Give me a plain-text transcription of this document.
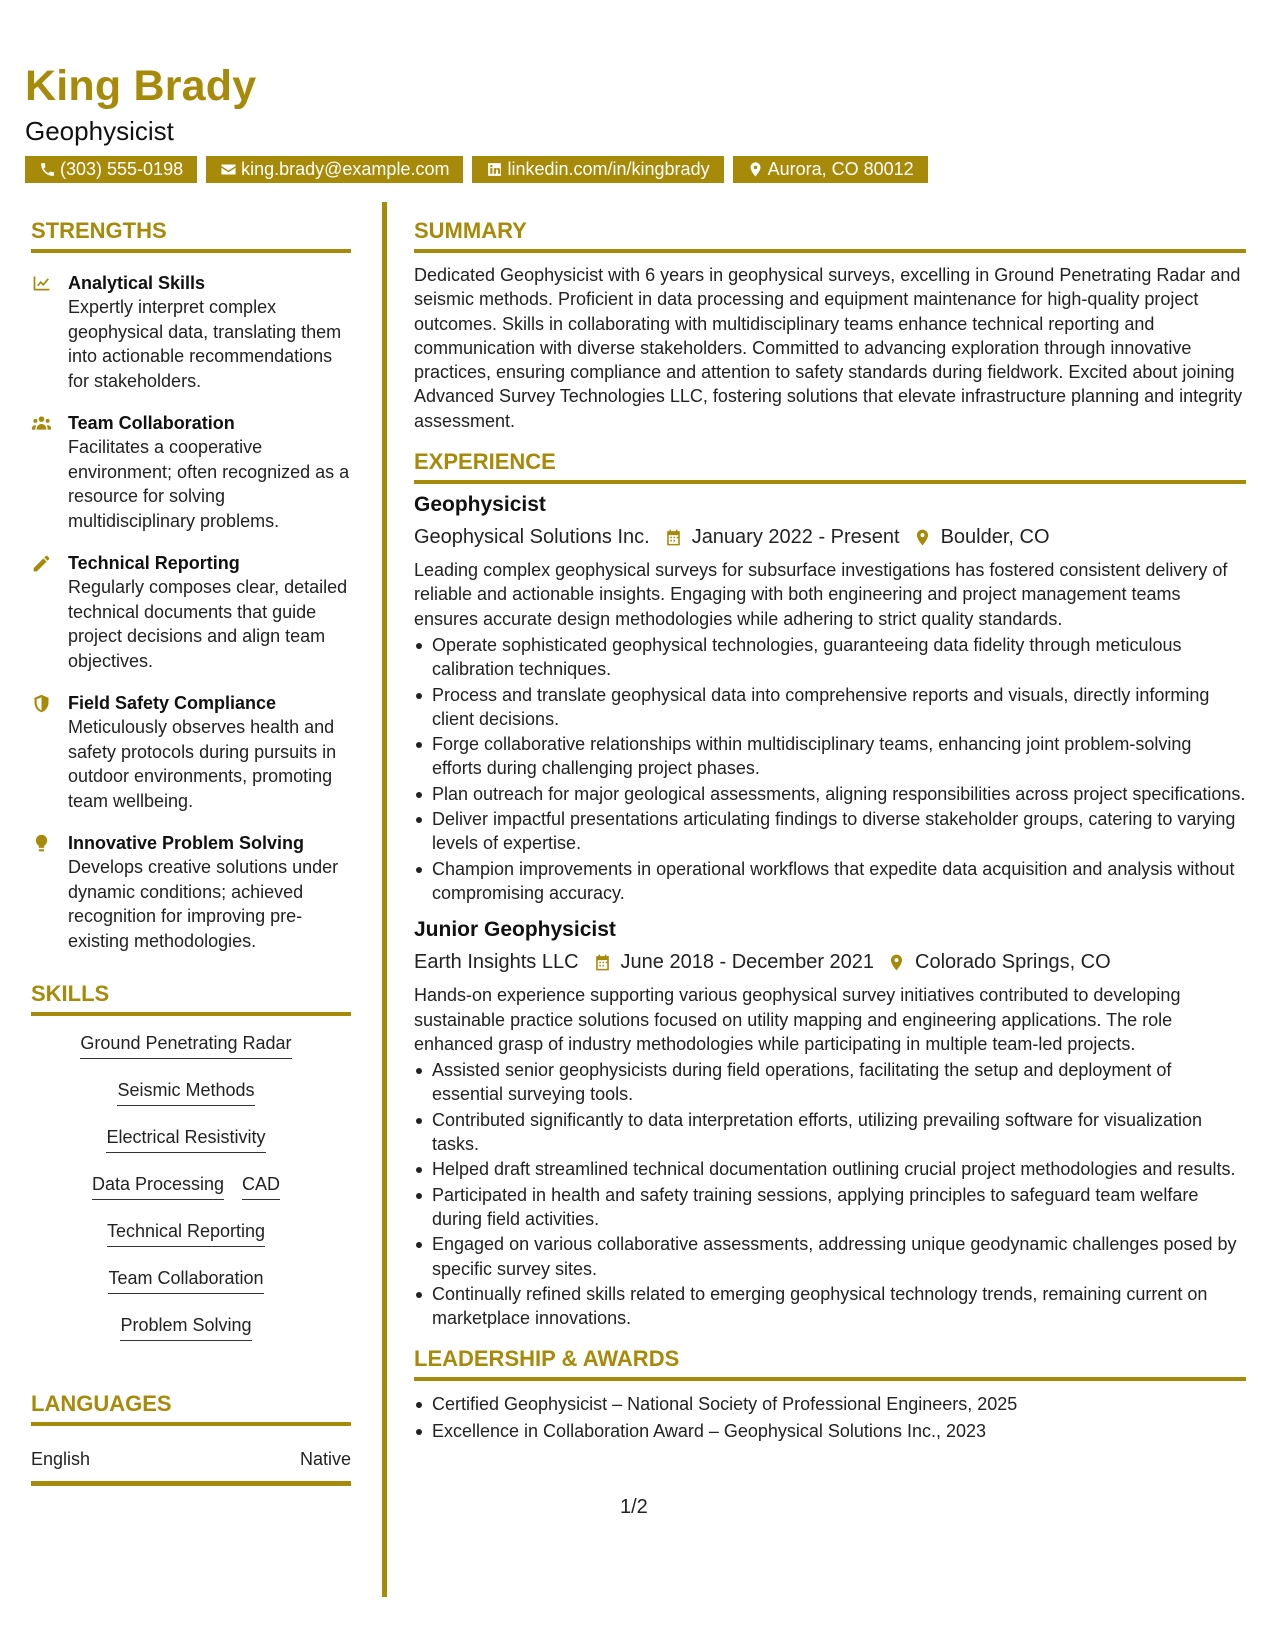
King Brady
Geophysicist
(303) 555-0198	king.brady@example.com	linkedin.com/in/kingbrady	Aurora, CO 80012
STRENGTHS
Analytical Skills
Expertly interpret complex geophysical data, translating them into actionable recommendations for stakeholders.
Team Collaboration
Facilitates a cooperative environment; often recognized as a resource for solving multidisciplinary problems.
Technical Reporting
Regularly composes clear, detailed technical documents that guide project decisions and align team objectives.
Field Safety Compliance
Meticulously observes health and safety protocols during pursuits in outdoor environments, promoting team wellbeing.
Innovative Problem Solving
Develops creative solutions under dynamic conditions; achieved recognition for improving pre-existing methodologies.
SKILLS
Ground Penetrating Radar
Seismic Methods
Electrical Resistivity
Data Processing CAD
Technical Reporting
Team Collaboration
Problem Solving
LANGUAGES
English	Native
SUMMARY
Dedicated Geophysicist with 6 years in geophysical surveys, excelling in Ground Penetrating Radar and seismic methods. Proficient in data processing and equipment maintenance for high-quality project outcomes. Skills in collaborating with multidisciplinary teams enhance technical reporting and communication with diverse stakeholders. Committed to advancing exploration through innovative practices, ensuring compliance and attention to safety standards during fieldwork. Excited about joining Advanced Survey Technologies LLC, fostering solutions that elevate infrastructure planning and integrity assessment.
EXPERIENCE
Geophysicist
Geophysical Solutions Inc. January 2022 - Present Boulder, CO
Leading complex geophysical surveys for subsurface investigations has fostered consistent delivery of reliable and actionable insights. Engaging with both engineering and project management teams ensures accurate design methodologies while adhering to strict quality standards.
Operate sophisticated geophysical technologies, guaranteeing data fidelity through meticulous calibration techniques.
Process and translate geophysical data into comprehensive reports and visuals, directly informing client decisions.
Forge collaborative relationships within multidisciplinary teams, enhancing joint problem-solving efforts during challenging project phases.
Plan outreach for major geological assessments, aligning responsibilities across project specifications.
Deliver impactful presentations articulating findings to diverse stakeholder groups, catering to varying levels of expertise.
Champion improvements in operational workflows that expedite data acquisition and analysis without compromising accuracy.
Junior Geophysicist
Earth Insights LLC June 2018 - December 2021 Colorado Springs, CO
Hands-on experience supporting various geophysical survey initiatives contributed to developing sustainable practice solutions focused on utility mapping and engineering applications. The role enhanced grasp of industry methodologies while participating in multiple team-led projects.
Assisted senior geophysicists during field operations, facilitating the setup and deployment of essential surveying tools.
Contributed significantly to data interpretation efforts, utilizing prevailing software for visualization tasks.
Helped draft streamlined technical documentation outlining crucial project methodologies and results.
Participated in health and safety training sessions, applying principles to safeguard team welfare during field activities.
Engaged on various collaborative assessments, addressing unique geodynamic challenges posed by specific survey sites.
Continually refined skills related to emerging geophysical technology trends, remaining current on marketplace innovations.
LEADERSHIP & AWARDS
Certified Geophysicist – National Society of Professional Engineers, 2025
Excellence in Collaboration Award – Geophysical Solutions Inc., 2023
1/2
